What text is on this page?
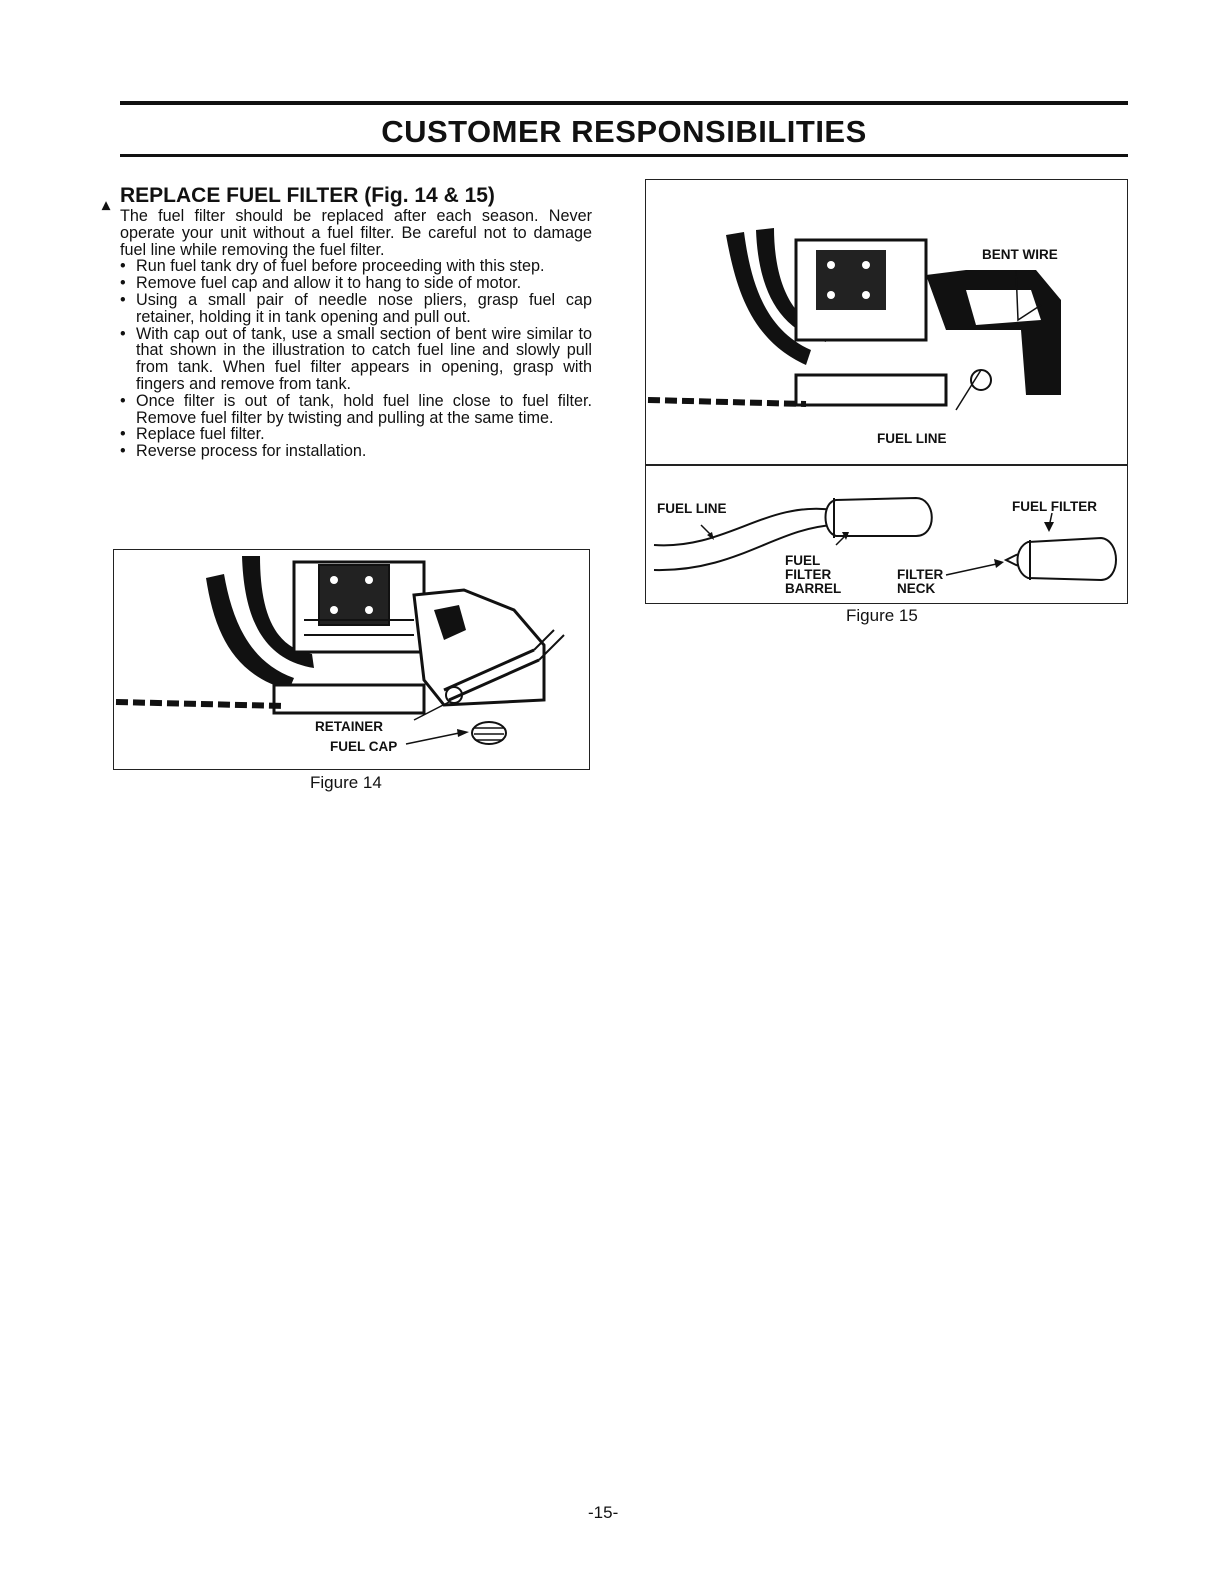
CUSTOMER RESPONSIBILITIES
▴ REPLACE FUEL FILTER (Fig. 14 & 15)

The fuel filter should be replaced after each season. Never operate your unit without a fuel filter. Be careful not to damage fuel line while removing the fuel filter.

• Run fuel tank dry of fuel before proceeding with this step.
• Remove fuel cap and allow it to hang to side of motor.
• Using a small pair of needle nose pliers, grasp fuel cap retainer, holding it in tank opening and pull out.
• With cap out of tank, use a small section of bent wire similar to that shown in the illustration to catch fuel line and slowly pull from tank. When fuel filter appears in opening, grasp with fingers and remove from tank.
• Once filter is out of tank, hold fuel line close to fuel filter. Remove fuel filter by twisting and pulling at the same time.
• Replace fuel filter.
• Reverse process for installation.
RETAINER
FUEL CAP
Figure 14
BENT WIRE
FUEL LINE
FUEL LINE	FUEL FILTER
FUEL FILTER BARREL
FILTER NECK
Figure 15
-15-
